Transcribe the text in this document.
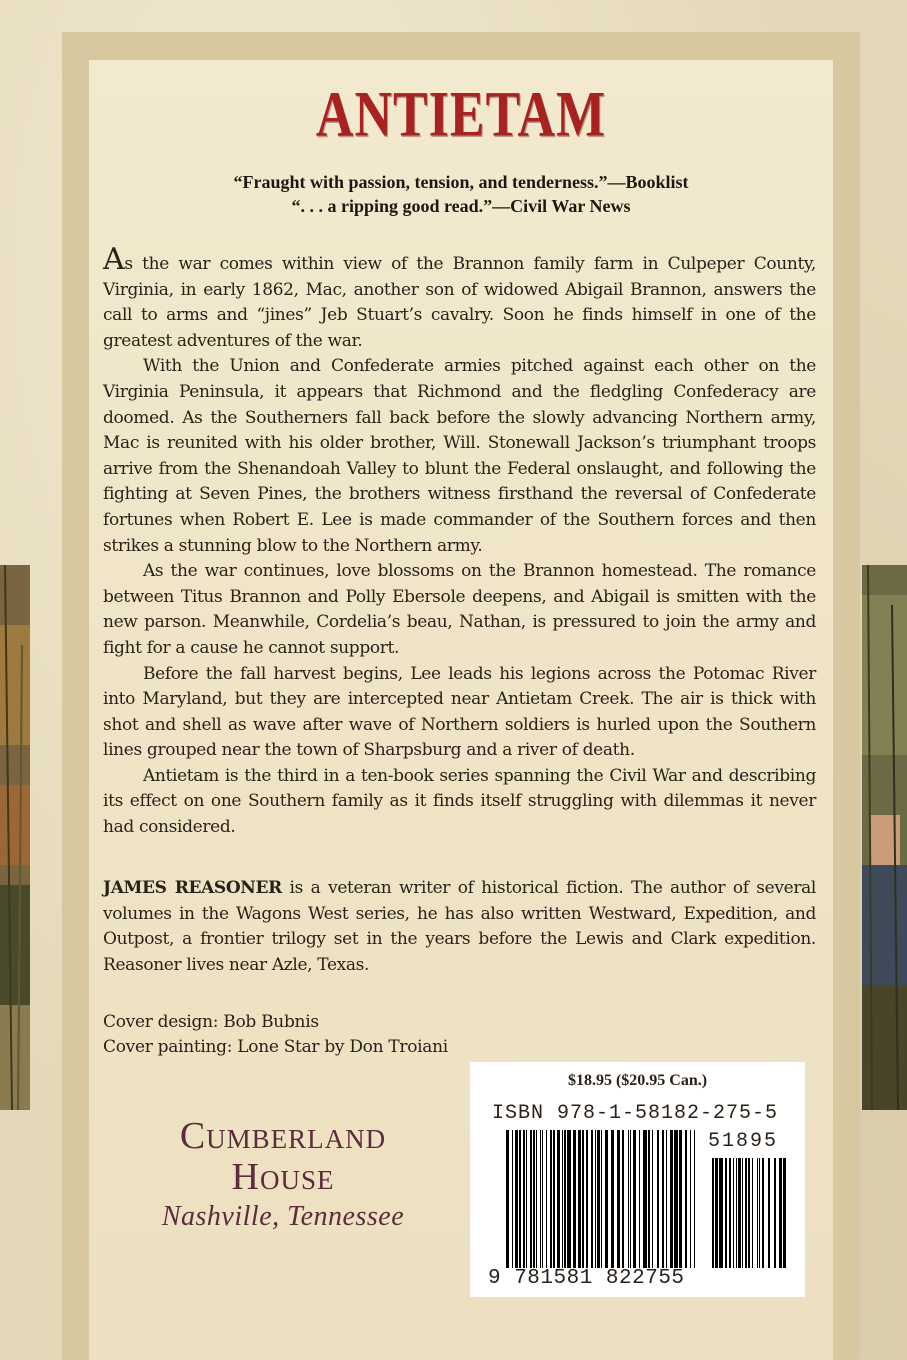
ANTIETAM
“Fraught with passion, tension, and tenderness.”—Booklist
“. . . a ripping good read.”—Civil War News

As the war comes within view of the Brannon family farm in Culpeper County, Virginia, in early 1862, Mac, another son of widowed Abigail Brannon, answers the call to arms and “jines” Jeb Stuart’s cavalry. Soon he finds himself in one of the greatest adventures of the war.

With the Union and Confederate armies pitched against each other on the Virginia Peninsula, it appears that Richmond and the fledgling Confederacy are doomed. As the Southerners fall back before the slowly advancing Northern army, Mac is reunited with his older brother, Will. Stonewall Jackson’s triumphant troops arrive from the Shenandoah Valley to blunt the Federal onslaught, and following the fighting at Seven Pines, the brothers witness firsthand the reversal of Confederate fortunes when Robert E. Lee is made commander of the Southern forces and then strikes a stunning blow to the Northern army.

As the war continues, love blossoms on the Brannon homestead. The romance between Titus Brannon and Polly Ebersole deepens, and Abigail is smitten with the new parson. Meanwhile, Cordelia’s beau, Nathan, is pressured to join the army and fight for a cause he cannot support.

Before the fall harvest begins, Lee leads his legions across the Potomac River into Maryland, but they are intercepted near Antietam Creek. The air is thick with shot and shell as wave after wave of Northern soldiers is hurled upon the Southern lines grouped near the town of Sharpsburg and a river of death.

Antietam is the third in a ten-book series spanning the Civil War and describing its effect on one Southern family as it finds itself struggling with dilemmas it never had considered.

JAMES REASONER is a veteran writer of historical fiction. The author of several volumes in the Wagons West series, he has also written Westward, Expedition, and Outpost, a frontier trilogy set in the years before the Lewis and Clark expedition. Reasoner lives near Azle, Texas.
Cover design: Bob Bubnis
Cover painting: Lone Star by Don Troiani
Cumberland
House
Nashville, Tennessee
$18.95 ($20.95 Can.)
ISBN 978-1-58182-275-5
51895
9 781581 822755
